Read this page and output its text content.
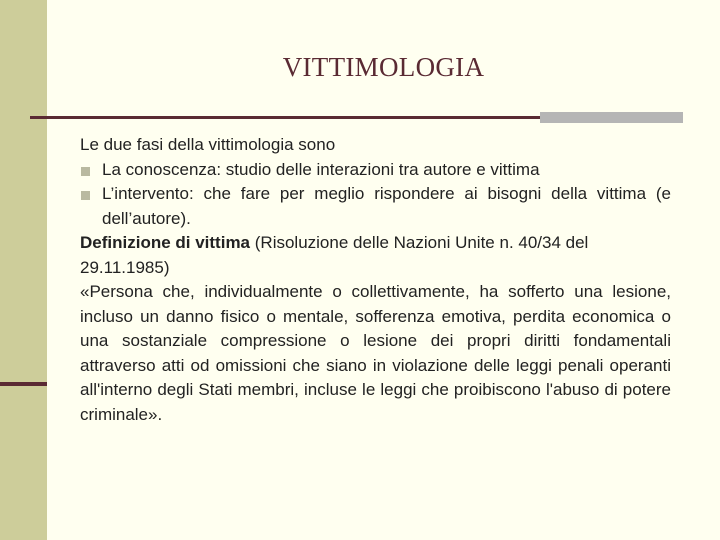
VITTIMOLOGIA

Le due fasi della vittimologia sono

La conoscenza: studio delle interazioni tra autore e vittima
L’intervento: che fare per meglio rispondere ai bisogni della vittima (e dell’autore).

Definizione di vittima (Risoluzione delle Nazioni Unite n. 40/34 del 29.11.1985)

«Persona che, individualmente o collettivamente, ha sofferto una lesione, incluso un danno fisico o mentale, sofferenza emotiva, perdita economica o una sostanziale compressione o lesione dei propri diritti fondamentali attraverso atti od omissioni che siano in violazione delle leggi penali operanti all'interno degli Stati membri, incluse le leggi che proibiscono l'abuso di potere criminale».
